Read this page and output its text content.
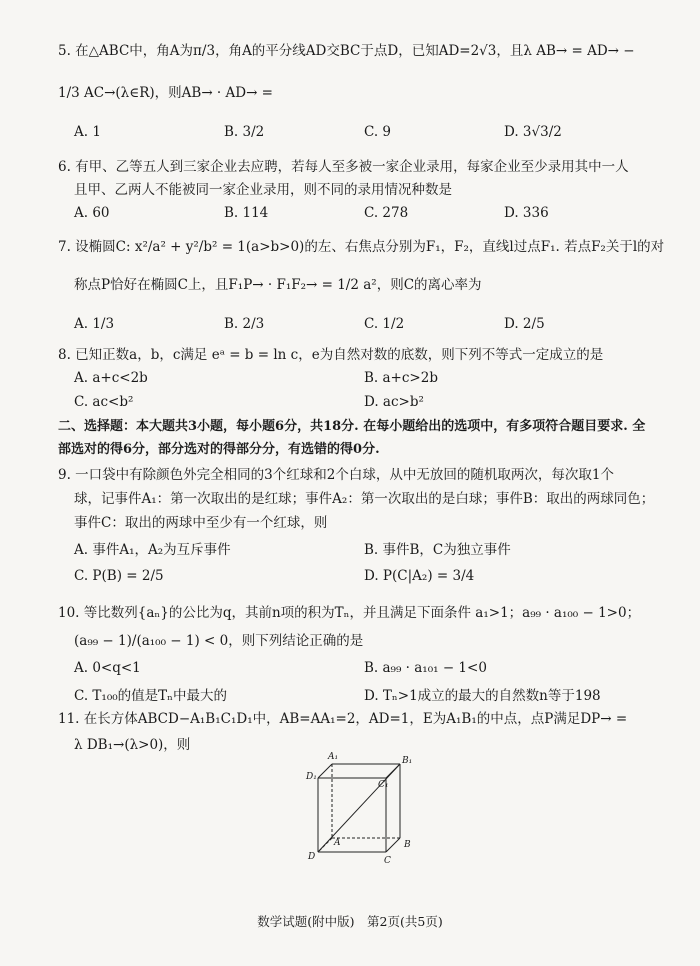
5. 在△ABC中，角A为π/3，角A的平分线AD交BC于点D，已知AD=2√3，且λ AB→ = AD→ −
1/3 AC→(λ∈R)，则AB→ · AD→ =
A. 1	B. 3/2	C. 9	D. 3√3/2
6. 有甲、乙等五人到三家企业去应聘，若每人至多被一家企业录用，每家企业至少录用其中一人
且甲、乙两人不能被同一家企业录用，则不同的录用情况种数是
A. 60	B. 114	C. 278	D. 336
7. 设椭圆C: x²/a² + y²/b² = 1(a>b>0)的左、右焦点分别为F₁，F₂，直线l过点F₁. 若点F₂关于l的对
称点P恰好在椭圆C上，且F₁P→ · F₁F₂→ = 1/2 a²，则C的离心率为
A. 1/3	B. 2/3	C. 1/2	D. 2/5
8. 已知正数a，b，c满足 eᵃ = b = ln c，e为自然对数的底数，则下列不等式一定成立的是
A. a+c<2b	B. a+c>2b
C. ac<b²	D. ac>b²
二、选择题：本大题共3小题，每小题6分，共18分. 在每小题给出的选项中，有多项符合题目要求. 全
部选对的得6分，部分选对的得部分分，有选错的得0分.
9. 一口袋中有除颜色外完全相同的3个红球和2个白球，从中无放回的随机取两次，每次取1个
球，记事件A₁：第一次取出的是红球；事件A₂：第一次取出的是白球；事件B：取出的两球同色；
事件C：取出的两球中至少有一个红球，则
A. 事件A₁，A₂为互斥事件	B. 事件B，C为独立事件
C. P(B) = 2/5	D. P(C|A₂) = 3/4
10. 等比数列{aₙ}的公比为q，其前n项的积为Tₙ，并且满足下面条件 a₁>1；a₉₉ · a₁₀₀ − 1>0；
(a₉₉ − 1)/(a₁₀₀ − 1) < 0，则下列结论正确的是
A. 0<q<1	B. a₉₉ · a₁₀₁ − 1<0
C. T₁₀₀的值是Tₙ中最大的	D. Tₙ>1成立的最大的自然数n等于198
11. 在长方体ABCD−A₁B₁C₁D₁中，AB=AA₁=2，AD=1，E为A₁B₁的中点，点P满足DP→ =
λ DB₁→(λ>0)，则
D₁
A₁
C₁
B₁
D
A
C
B
数学试题(附中版)　第2页(共5页)
